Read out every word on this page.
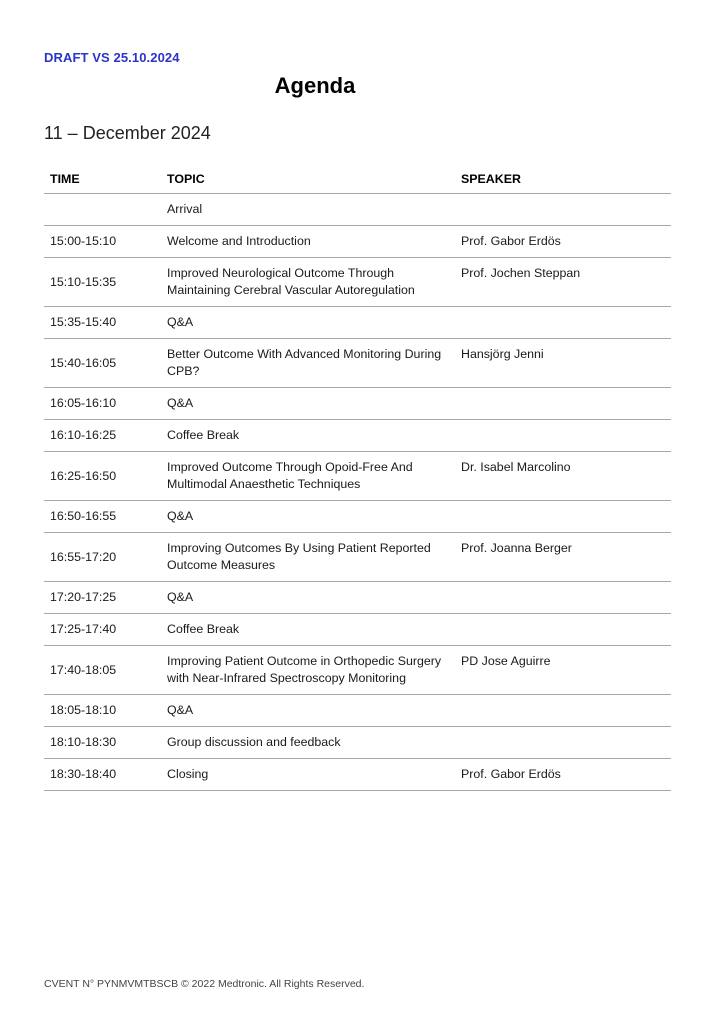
DRAFT VS 25.10.2024
Agenda
11 – December 2024
TIME	TOPIC	SPEAKER
	Arrival	
15:00-15:10	Welcome and Introduction	Prof. Gabor Erdös
15:10-15:35	Improved Neurological Outcome Through Maintaining Cerebral Vascular Autoregulation	Prof. Jochen Steppan
15:35-15:40	Q&A	
15:40-16:05	Better Outcome With Advanced Monitoring During CPB?	Hansjörg Jenni
16:05-16:10	Q&A	
16:10-16:25	Coffee Break	
16:25-16:50	Improved Outcome Through Opoid-Free And Multimodal Anaesthetic Techniques	Dr. Isabel Marcolino
16:50-16:55	Q&A	
16:55-17:20	Improving Outcomes By Using Patient Reported Outcome Measures	Prof. Joanna Berger
17:20-17:25	Q&A	
17:25-17:40	Coffee Break	
17:40-18:05	Improving Patient Outcome in Orthopedic Surgery with Near-Infrared Spectroscopy Monitoring	PD Jose Aguirre
18:05-18:10	Q&A	
18:10-18:30	Group discussion and feedback	
18:30-18:40	Closing	Prof. Gabor Erdös
CVENT N° PYNMVMTBSCB © 2022 Medtronic. All Rights Reserved.
